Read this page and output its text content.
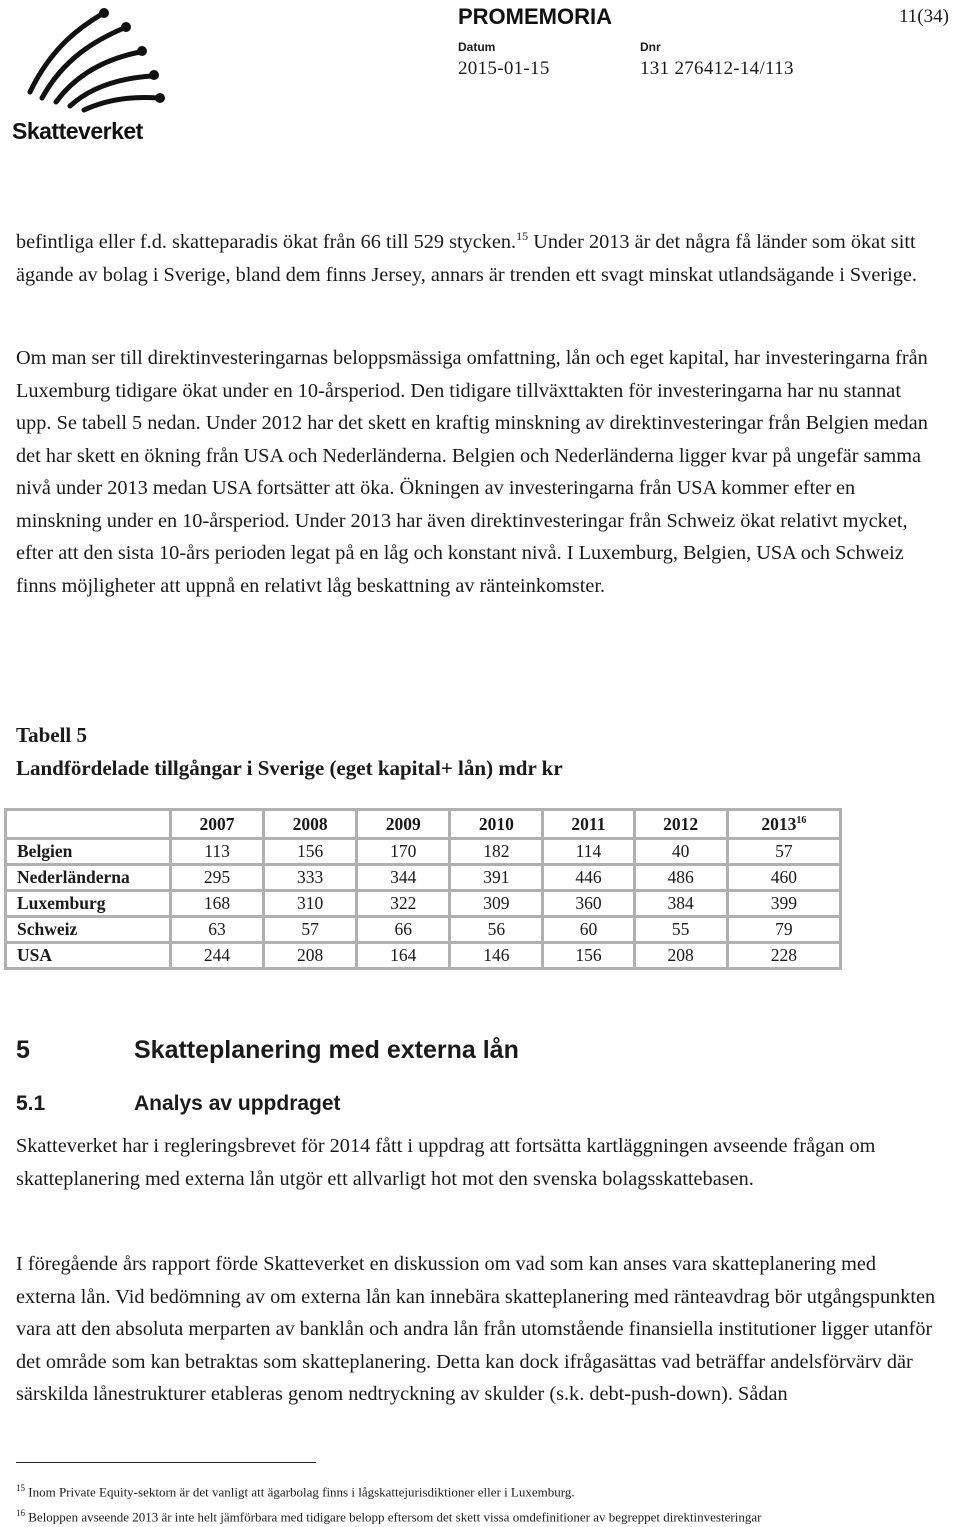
Skatteverket
PROMEMORIA	11(34)
Datum
2015-01-15
Dnr
131 276412-14/113

befintliga eller f.d. skatteparadis ökat från 66 till 529 stycken.$^{15}$ Under 2013 är det några få länder som ökat sitt ägande av bolag i Sverige, bland dem finns Jersey, annars är trenden ett svagt minskat utlandsägande i Sverige.

Om man ser till direktinvesteringarnas beloppsmässiga omfattning, lån och eget kapital, har investeringarna från Luxemburg tidigare ökat under en 10-årsperiod. Den tidigare tillväxttakten för investeringarna har nu stannat upp. Se tabell 5 nedan. Under 2012 har det skett en kraftig minskning av direktinvesteringar från Belgien medan det har skett en ökning från USA och Nederländerna. Belgien och Nederländerna ligger kvar på ungefär samma nivå under 2013 medan USA fortsätter att öka. Ökningen av investeringarna från USA kommer efter en minskning under en 10-årsperiod. Under 2013 har även direktinvesteringar från Schweiz ökat relativt mycket, efter att den sista 10-års perioden legat på en låg och konstant nivå. I Luxemburg, Belgien, USA och Schweiz finns möjligheter att uppnå en relativt låg beskattning av ränteinkomster.

Tabell 5
Landfördelade tillgångar i Sverige (eget kapital+ lån) mdr kr
	2007	2008	2009	2010	2011	2012	2013$^{16}$
Belgien	113	156	170	182	114	40	57
Nederländerna	295	333	344	391	446	486	460
Luxemburg	168	310	322	309	360	384	399
Schweiz	63	57	66	56	60	55	79
USA	244	208	164	146	156	208	228
5	Skatteplanering med externa lån
5.1	Analys av uppdraget

Skatteverket har i regleringsbrevet för 2014 fått i uppdrag att fortsätta kartläggningen avseende frågan om skatteplanering med externa lån utgör ett allvarligt hot mot den svenska bolagsskattebasen.

I föregående års rapport förde Skatteverket en diskussion om vad som kan anses vara skatteplanering med externa lån. Vid bedömning av om externa lån kan innebära skatteplanering med ränteavdrag bör utgångspunkten vara att den absoluta merparten av banklån och andra lån från utomstående finansiella institutioner ligger utanför det område som kan betraktas som skatteplanering. Detta kan dock ifrågasättas vad beträffar andelsförvärv där särskilda lånestrukturer etableras genom nedtryckning av skulder (s.k. debt-push-down). Sådan

$^{15}$ Inom Private Equity-sektorn är det vanligt att ägarbolag finns i lågskattejurisdiktioner eller i Luxemburg.
$^{16}$ Beloppen avseende 2013 är inte helt jämförbara med tidigare belopp eftersom det skett vissa omdefinitioner av begreppet direktinvesteringar
